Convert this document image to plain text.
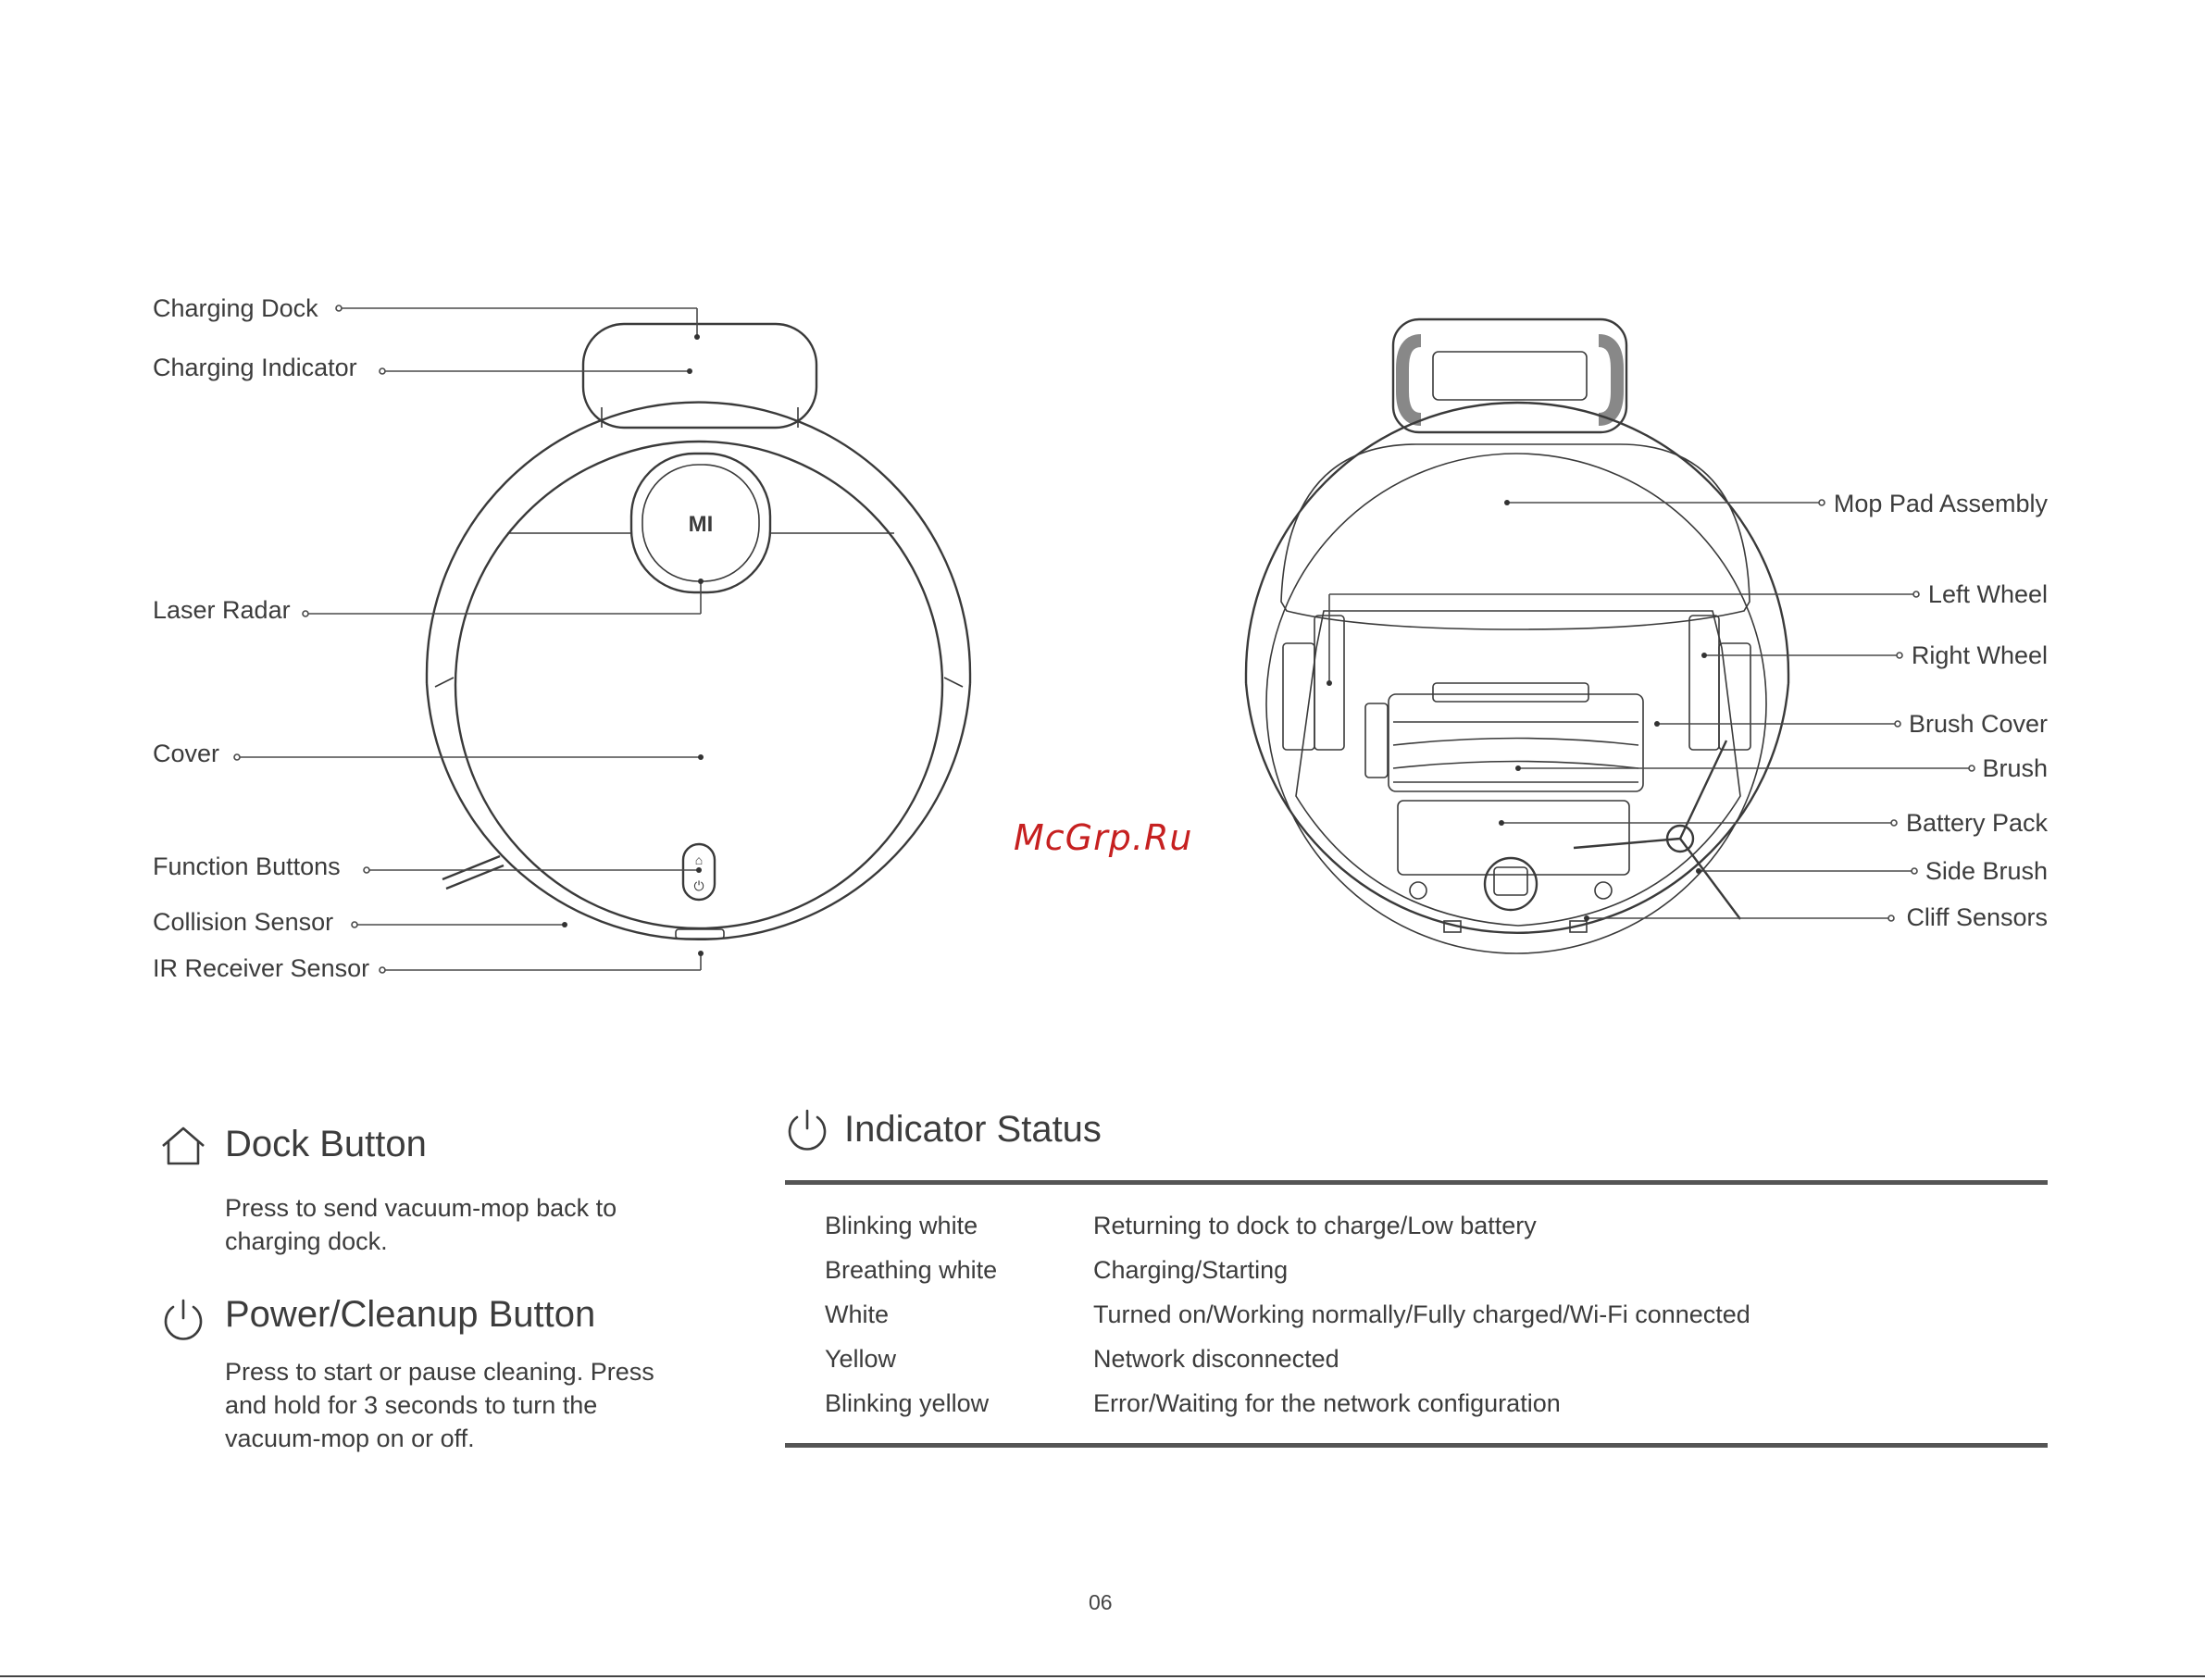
MI
⌂
⏻
Charging Dock
Charging Indicator
Laser Radar
Cover
Function Buttons
Collision Sensor
IR Receiver Sensor
Mop Pad Assembly
Left Wheel
Right Wheel
Brush Cover
Brush
Battery Pack
Side Brush
Cliff Sensors
McGrp.Ru
Dock Button

Press to send vacuum-mop back to charging dock.

Power/Cleanup Button

Press to start or pause cleaning. Press and hold for 3 seconds to turn the vacuum-mop on or off.

Indicator Status
Blinking white	Returning to dock to charge/Low battery
Breathing white	Charging/Starting
White	Turned on/Working normally/Fully charged/Wi-Fi connected
Yellow	Network disconnected
Blinking yellow	Error/Waiting for the network configuration
06
